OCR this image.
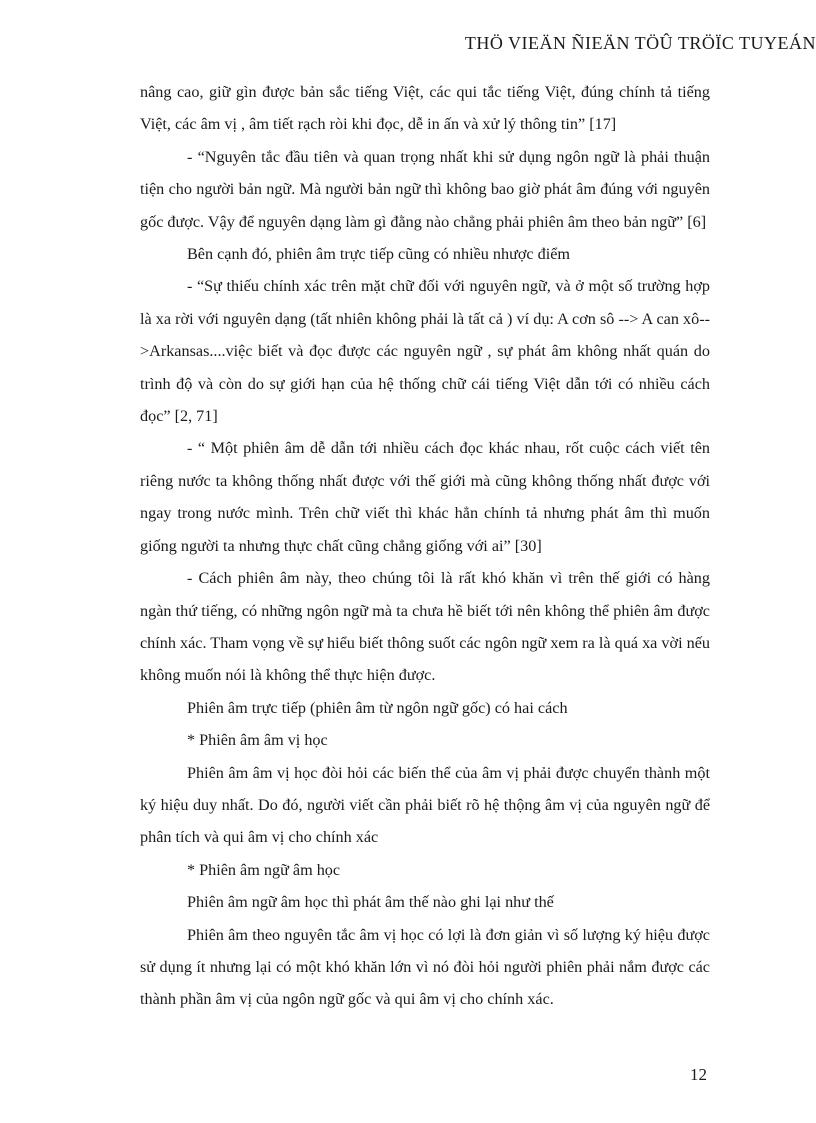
THÖ VIEÄN ÑIEÄN TÖÛ TRÖÏC TUYEÁN

nâng cao, giữ gìn được bản sắc tiếng Việt, các qui tắc tiếng Việt, đúng chính tả tiếng Việt, các âm vị , âm tiết rạch ròi khi đọc, dễ in ấn và xử lý thông tin” [17]

- “Nguyên tắc đầu tiên và quan trọng nhất khi sử dụng ngôn ngữ là phải thuận tiện cho người bản ngữ. Mà người bản ngữ thì không bao giờ phát âm đúng với nguyên gốc được. Vậy để nguyên dạng làm gì đằng nào chẳng phải phiên âm theo bản ngữ” [6]

Bên cạnh đó, phiên âm trực tiếp cũng có nhiều nhược điểm

- “Sự thiếu chính xác trên mặt chữ đối với nguyên ngữ, và ở một số trường hợp là xa rời với nguyên dạng (tất nhiên không phải là tất cả ) ví dụ: A cơn sô --> A can xô-->Arkansas....việc biết và đọc được các nguyên ngữ , sự phát âm không nhất quán do trình độ và còn do sự giới hạn của hệ thống chữ cái tiếng Việt dẫn tới có nhiều cách đọc” [2, 71]

- “ Một phiên âm dễ dẫn tới nhiều cách đọc khác nhau, rốt cuộc cách viết tên riêng nước ta không thống nhất được với thế giới mà cũng không thống nhất được với ngay trong nước mình. Trên chữ viết thì khác hẳn chính tả nhưng phát âm thì muốn giống người ta nhưng thực chất cũng chẳng giống với ai” [30]

- Cách phiên âm này, theo chúng tôi là rất khó khăn vì trên thế giới có hàng ngàn thứ tiếng, có những ngôn ngữ mà ta chưa hề biết tới nên không thể phiên âm được chính xác. Tham vọng về sự hiểu biết thông suốt các ngôn ngữ xem ra là quá xa vời nếu không muốn nói là không thể thực hiện được.

Phiên âm trực tiếp (phiên âm từ ngôn ngữ gốc) có hai cách

* Phiên âm âm vị học

Phiên âm âm vị học đòi hỏi các biến thể của âm vị phải được chuyển thành một ký hiệu duy nhất. Do đó, người viết cần phải biết rõ hệ thộng âm vị của nguyên ngữ để phân tích và qui âm vị cho chính xác

* Phiên âm ngữ âm học

Phiên âm ngữ âm học thì phát âm thế nào ghi lại như thế

Phiên âm theo nguyên tắc âm vị học có lợi là đơn giản vì số lượng ký hiệu được sử dụng ít nhưng lại có một khó khăn lớn vì nó đòi hỏi người phiên phải nắm được các thành phần âm vị của ngôn ngữ gốc và qui âm vị cho chính xác.

12
